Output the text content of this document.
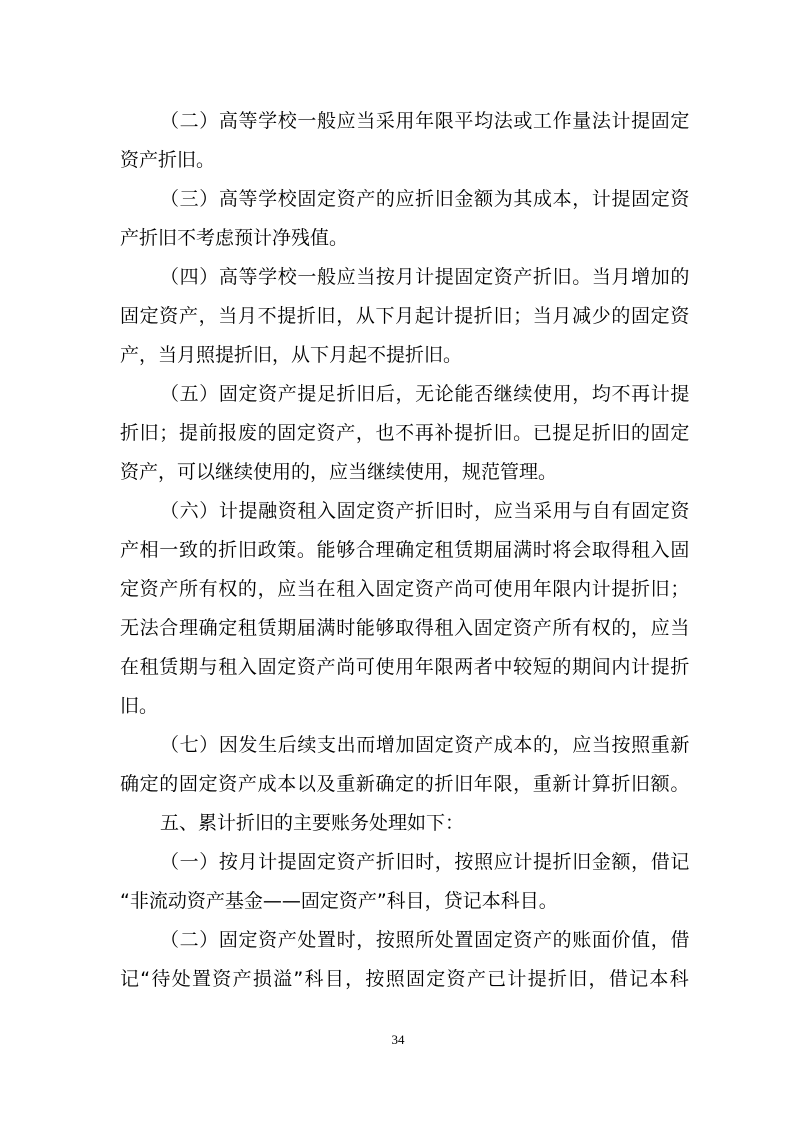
（二）高等学校一般应当采用年限平均法或工作量法计提固定

资产折旧。

（三）高等学校固定资产的应折旧金额为其成本，计提固定资

产折旧不考虑预计净残值。

（四）高等学校一般应当按月计提固定资产折旧。当月增加的

固定资产，当月不提折旧，从下月起计提折旧；当月减少的固定资

产，当月照提折旧，从下月起不提折旧。

（五）固定资产提足折旧后，无论能否继续使用，均不再计提

折旧；提前报废的固定资产，也不再补提折旧。已提足折旧的固定

资产，可以继续使用的，应当继续使用，规范管理。

（六）计提融资租入固定资产折旧时，应当采用与自有固定资

产相一致的折旧政策。能够合理确定租赁期届满时将会取得租入固

定资产所有权的，应当在租入固定资产尚可使用年限内计提折旧；

无法合理确定租赁期届满时能够取得租入固定资产所有权的，应当

在租赁期与租入固定资产尚可使用年限两者中较短的期间内计提折

旧。

（七）因发生后续支出而增加固定资产成本的，应当按照重新

确定的固定资产成本以及重新确定的折旧年限，重新计算折旧额。

五、累计折旧的主要账务处理如下：

（一）按月计提固定资产折旧时，按照应计提折旧金额，借记

“非流动资产基金——固定资产”科目，贷记本科目。

（二）固定资产处置时，按照所处置固定资产的账面价值，借

记“待处置资产损溢”科目，按照固定资产已计提折旧，借记本科

34
